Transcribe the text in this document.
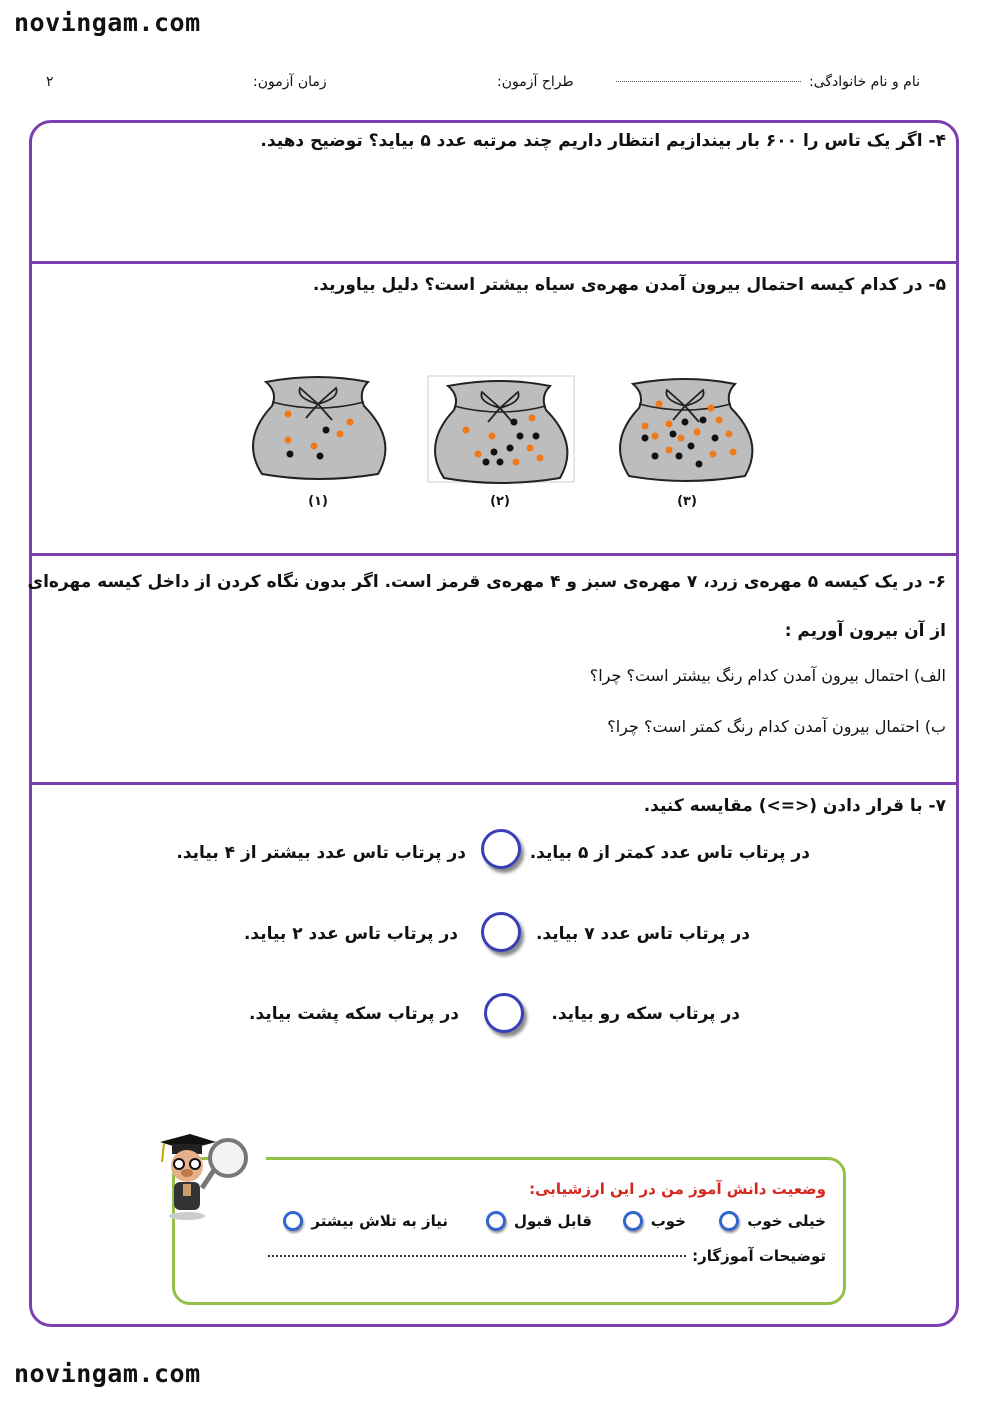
novingam.com
نام و نام خانوادگی:
طراح آزمون:
زمان آزمون:
۲
۴- اگر یک تاس را ۶۰۰ بار بیندازیم انتظار داریم چند مرتبه عدد ۵ بیاید؟ توضیح دهید.
۵- در کدام کیسه احتمال بیرون آمدن مهره‌ی سیاه بیشتر است؟ دلیل بیاورید.
(۱)	(۲)	(۳)
۶- در یک کیسه ۵ مهره‌ی زرد، ۷ مهره‌ی سبز و ۴ مهره‌ی قرمز است. اگر بدون نگاه کردن از داخل کیسه مهره‌ای
از آن بیرون آوریم :
الف) احتمال بیرون آمدن کدام رنگ بیشتر است؟ چرا؟
ب) احتمال بیرون آمدن کدام رنگ کمتر است؟ چرا؟
۷- با قرار دادن (<=>) مقایسه کنید.
در پرتاب تاس عدد کمتر از ۵ بیاید.
در پرتاب تاس عدد بیشتر از ۴ بیاید.
در پرتاب تاس عدد ۷ بیاید.
در پرتاب تاس عدد ۲ بیاید.
در پرتاب سکه رو بیاید.
در پرتاب سکه پشت بیاید.
وضعیت دانش آموز من در این ارزشیابی:
خیلی خوب
خوب
قابل قبول
نیاز به تلاش بیشتر
توضیحات آموزگار:
novingam.com
